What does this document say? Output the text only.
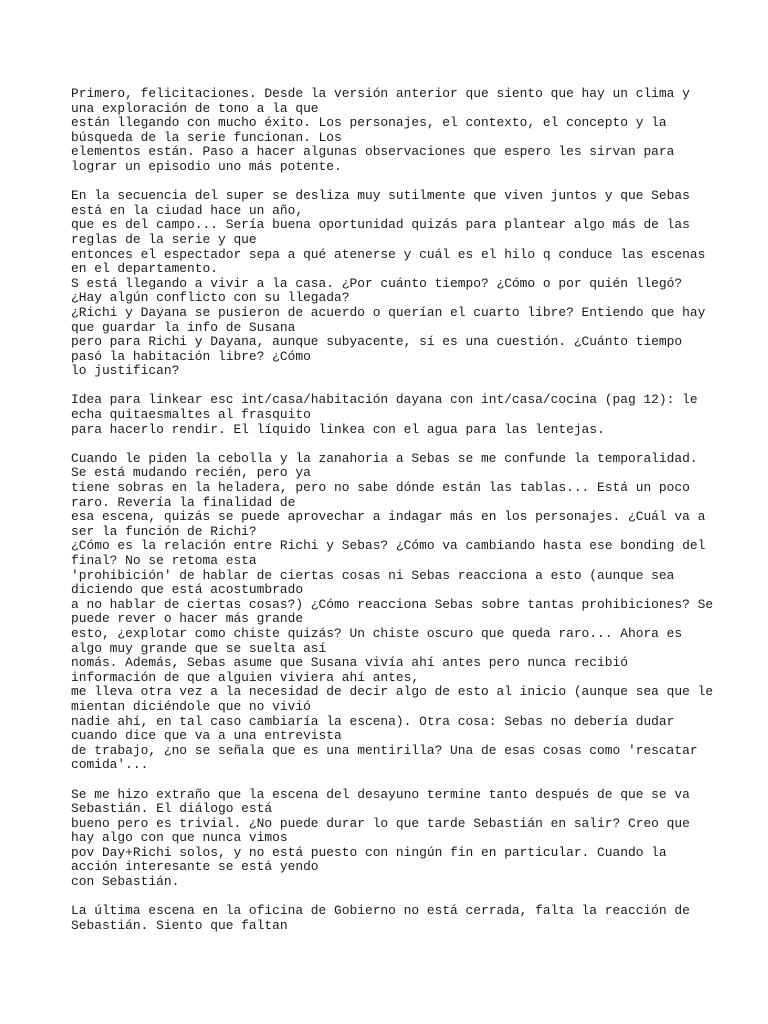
Primero, felicitaciones. Desde la versión anterior que siento que hay un clima y
una exploración de tono a la que
están llegando con mucho éxito. Los personajes, el contexto, el concepto y la
búsqueda de la serie funcionan. Los
elementos están. Paso a hacer algunas observaciones que espero les sirvan para
lograr un episodio uno más potente.
En la secuencia del super se desliza muy sutilmente que viven juntos y que Sebas
está en la ciudad hace un año,
que es del campo... Sería buena oportunidad quizás para plantear algo más de las
reglas de la serie y que
entonces el espectador sepa a qué atenerse y cuál es el hilo q conduce las escenas
en el departamento.
S está llegando a vivir a la casa. ¿Por cuánto tiempo? ¿Cómo o por quién llegó?
¿Hay algún conflicto con su llegada?
¿Richi y Dayana se pusieron de acuerdo o querían el cuarto libre? Entiendo que hay
que guardar la info de Susana
pero para Richi y Dayana, aunque subyacente, sí es una cuestión. ¿Cuánto tiempo
pasó la habitación libre? ¿Cómo
lo justifican?
Idea para linkear esc int/casa/habitación dayana con int/casa/cocina (pag 12): le
echa quitaesmaltes al frasquito
para hacerlo rendir. El líquido linkea con el agua para las lentejas.
Cuando le piden la cebolla y la zanahoria a Sebas se me confunde la temporalidad.
Se está mudando recién, pero ya
tiene sobras en la heladera, pero no sabe dónde están las tablas... Está un poco
raro. Revería la finalidad de
esa escena, quizás se puede aprovechar a indagar más en los personajes. ¿Cuál va a
ser la función de Richi?
¿Cómo es la relación entre Richi y Sebas? ¿Cómo va cambiando hasta ese bonding del
final? No se retoma esta
'prohibición' de hablar de ciertas cosas ni Sebas reacciona a esto (aunque sea
diciendo que está acostumbrado
a no hablar de ciertas cosas?) ¿Cómo reacciona Sebas sobre tantas prohibiciones? Se
puede rever o hacer más grande
esto, ¿explotar como chiste quizás? Un chiste oscuro que queda raro... Ahora es
algo muy grande que se suelta así
nomás. Además, Sebas asume que Susana vivía ahí antes pero nunca recibió
información de que alguien viviera ahí antes,
me lleva otra vez a la necesidad de decir algo de esto al inicio (aunque sea que le
mientan diciéndole que no vivió
nadie ahí, en tal caso cambiaría la escena). Otra cosa: Sebas no debería dudar
cuando dice que va a una entrevista
de trabajo, ¿no se señala que es una mentirilla? Una de esas cosas como 'rescatar
comida'...
Se me hizo extraño que la escena del desayuno termine tanto después de que se va
Sebastián. El diálogo está
bueno pero es trivial. ¿No puede durar lo que tarde Sebastián en salir? Creo que
hay algo con que nunca vimos
pov Day+Richi solos, y no está puesto con ningún fin en particular. Cuando la
acción interesante se está yendo
con Sebastián.
La última escena en la oficina de Gobierno no está cerrada, falta la reacción de
Sebastián. Siento que faltan
